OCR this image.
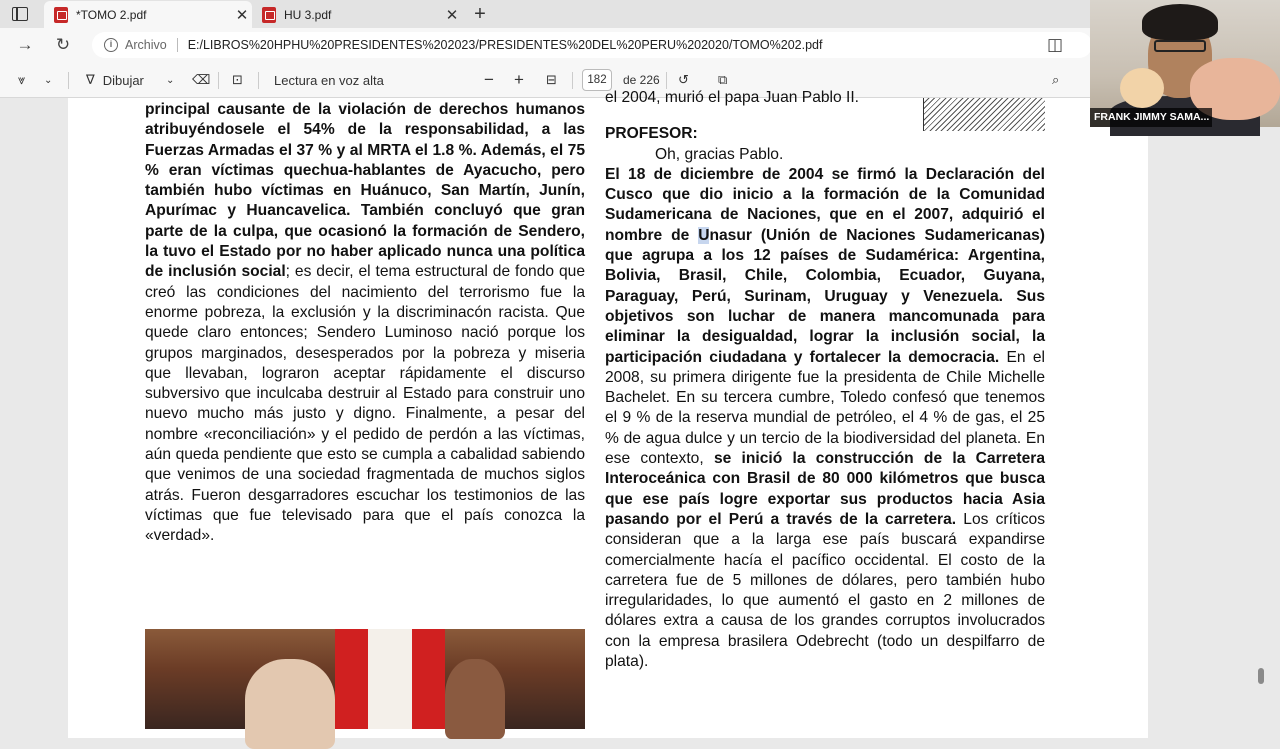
*TOMO 2.pdf	✕	HU 3.pdf	✕ +
→ ↻	i	Archivo E:/LIBROS%20HPHU%20PRESIDENTES%202023/PRESIDENTES%20DEL%20PERU%202020/TOMO%202.pdf	◫
⩔ ⌄	∇ Dibujar ⌄ ⌫ ⊡ Lectura en voz alta	− + ⊟	182	de 226 ↺ ⧉	⌕
principal causante de la violación de derechos humanos atribuyéndosele el 54% de la responsabilidad, a las Fuerzas Armadas el 37 % y al MRTA el 1.8 %. Además, el 75 % eran víctimas quechua-hablantes de Ayacucho, pero también hubo víctimas en Huánuco, San Martín, Junín, Apurímac y Huancavelica. También concluyó que gran parte de la culpa, que ocasionó la formación de Sendero, la tuvo el Estado por no haber aplicado nunca una política de inclusión social; es decir, el tema estructural de fondo que creó las condiciones del nacimiento del terrorismo fue la enorme pobreza, la exclusión y la discriminacón racista. Que quede claro entonces; Sendero Luminoso nació porque los grupos marginados, desesperados por la pobreza y miseria que llevaban, lograron aceptar rápidamente el discurso subversivo que inculcaba destruir al Estado para construir uno nuevo mucho más justo y digno. Finalmente, a pesar del nombre «reconciliación» y el pedido de perdón a las víctimas, aún queda pendiente que esto se cumpla a cabalidad sabiendo que venimos de una sociedad fragmentada de muchos siglos atrás. Fueron desgarradores escuchar los testimonios de las víctimas que fue televisado para que el país conozca la «verdad».
el 2004, murió el papa Juan Pablo II.
PROFESOR:
Oh, gracias Pablo.
El 18 de diciembre de 2004 se firmó la Declaración del Cusco que dio inicio a la formación de la Comunidad Sudamericana de Naciones, que en el 2007, adquirió el nombre de Unasur (Unión de Naciones Sudamericanas) que agrupa a los 12 países de Sudamérica: Argentina, Bolivia, Brasil, Chile, Colombia, Ecuador, Guyana, Paraguay, Perú, Surinam, Uruguay y Venezuela. Sus objetivos son luchar de manera mancomunada para eliminar la desigualdad, lograr la inclusión social, la participación ciudadana y fortalecer la democracia. En el 2008, su primera dirigente fue la presidenta de Chile Michelle Bachelet. En su tercera cumbre, Toledo confesó que tenemos el 9 % de la reserva mundial de petróleo, el 4 % de gas, el 25 % de agua dulce y un tercio de la biodiversidad del planeta. En ese contexto, se inició la construcción de la Carretera Interoceánica con Brasil de 80 000 kilómetros que busca que ese país logre exportar sus productos hacia Asia pasando por el Perú a través de la carretera. Los críticos consideran que a la larga ese país buscará expandirse comercialmente hacía el pacífico occidental. El costo de la carretera fue de 5 millones de dólares, pero también hubo irregularidades, lo que aumentó el gasto en 2 millones de dólares extra a causa de los grandes corruptos involucrados con la empresa brasilera Odebrecht (todo un despilfarro de plata).
FRANK JIMMY SAMA...
